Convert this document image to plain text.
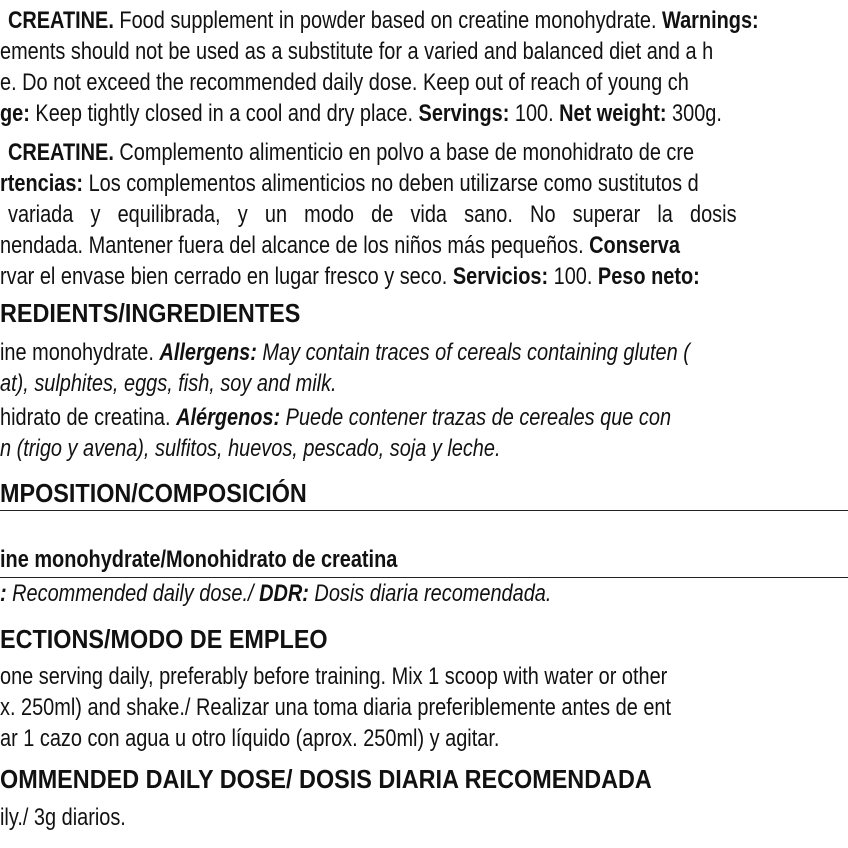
CREATINE. Food supplement in powder based on creatine monohydrate. Warnings:
ements should not be used as a substitute for a varied and balanced diet and a h
e. Do not exceed the recommended daily dose. Keep out of reach of young ch
ge: Keep tightly closed in a cool and dry place. Servings: 100. Net weight: 300g.
CREATINE. Complemento alimenticio en polvo a base de monohidrato de cre
rtencias: Los complementos alimenticios no deben utilizarse como sustitutos d
variada y equilibrada, y un modo de vida sano. No superar la dosis
nendada. Mantener fuera del alcance de los niños más pequeños. Conserva
rvar el envase bien cerrado en lugar fresco y seco. Servicios: 100. Peso neto:
REDIENTS/INGREDIENTES
ine monohydrate. Allergens: May contain traces of cereals containing gluten (
at), sulphites, eggs, fish, soy and milk.
hidrato de creatina. Alérgenos: Puede contener trazas de cereales que con
n (trigo y avena), sulfitos, huevos, pescado, soja y leche.
MPOSITION/COMPOSICIÓN
ine monohydrate/Monohidrato de creatina
: Recommended daily dose./ DDR: Dosis diaria recomendada.
ECTIONS/MODO DE EMPLEO
one serving daily, preferably before training. Mix 1 scoop with water or other
x. 250ml) and shake./ Realizar una toma diaria preferiblemente antes de ent
ar 1 cazo con agua u otro líquido (aprox. 250ml) y agitar.
OMMENDED DAILY DOSE/ DOSIS DIARIA RECOMENDADA
ily./ 3g diarios.
